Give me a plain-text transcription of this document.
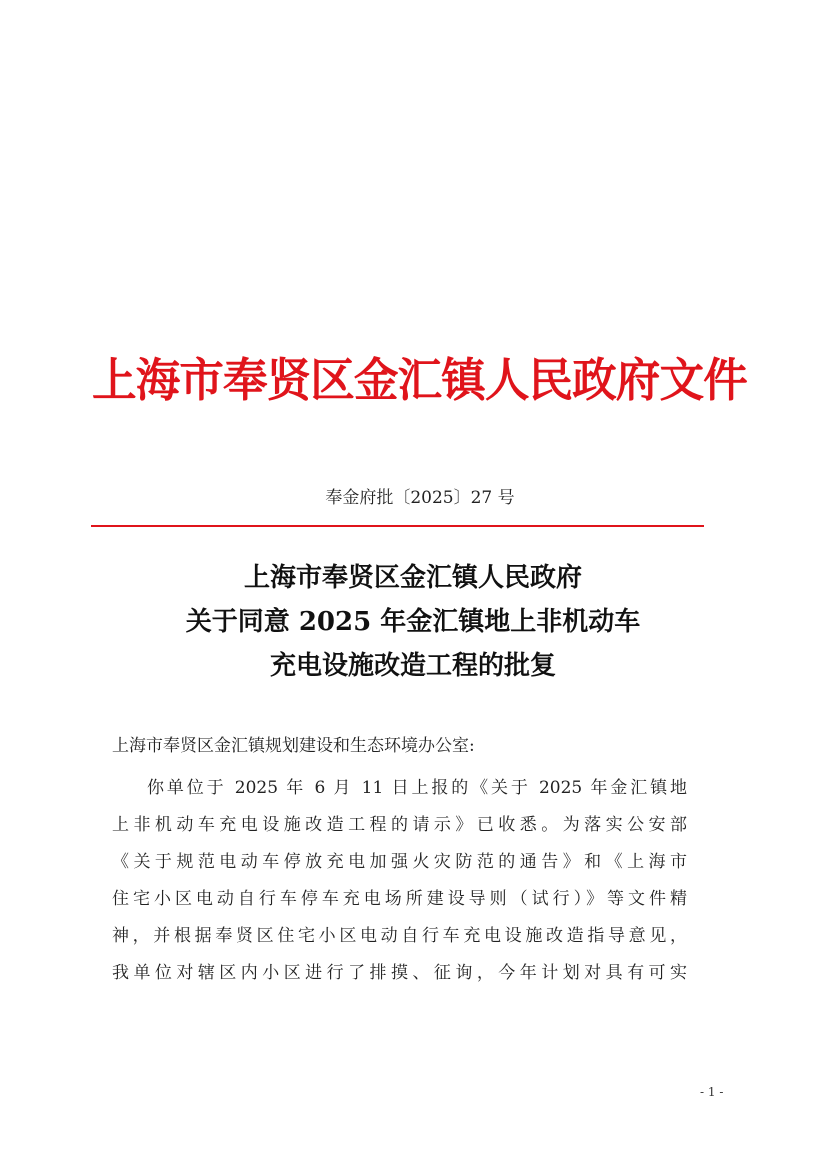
上海市奉贤区金汇镇人民政府文件
奉金府批〔2025〕27 号
上海市奉贤区金汇镇人民政府
关于同意 2025 年金汇镇地上非机动车
充电设施改造工程的批复
上海市奉贤区金汇镇规划建设和生态环境办公室:
你单位于 2025 年 6 月 11 日上报的《关于 2025 年金汇镇地
上非机动车充电设施改造工程的请示》已收悉。为落实公安部
《关于规范电动车停放充电加强火灾防范的通告》和《上海市
住宅小区电动自行车停车充电场所建设导则（试行）》等文件精
神，并根据奉贤区住宅小区电动自行车充电设施改造指导意见，
我单位对辖区内小区进行了排摸、征询，今年计划对具有可实
- 1 -
